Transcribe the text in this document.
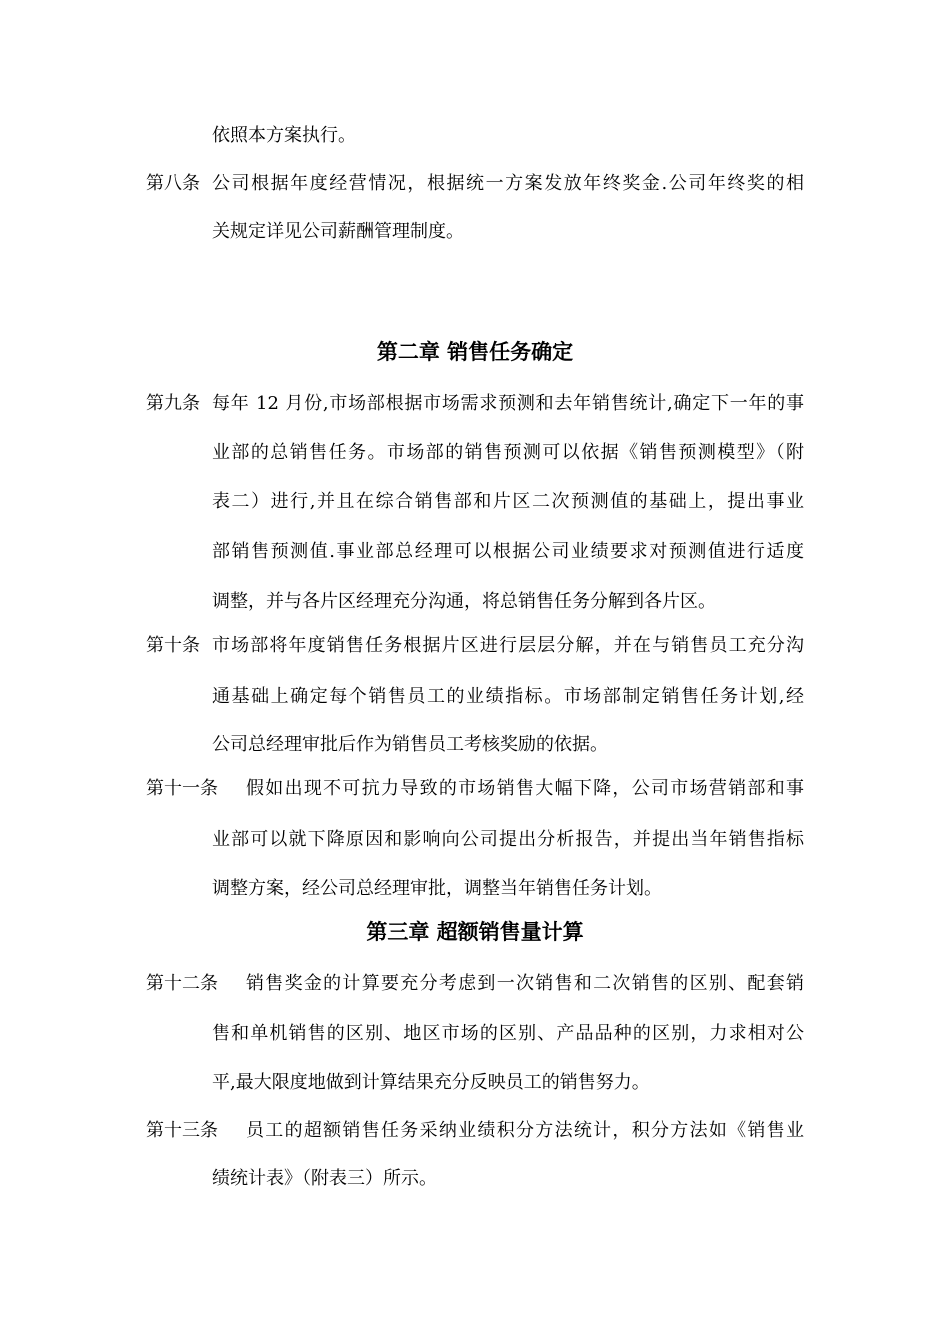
依照本方案执行。
第八条 公司根据年度经营情况，根据统一方案发放年终奖金.公司年终奖的相
关规定详见公司薪酬管理制度。
第二章 销售任务确定
第九条 每年 12 月份,市场部根据市场需求预测和去年销售统计,确定下一年的事
业部的总销售任务。市场部的销售预测可以依据《销售预测模型》（附
表二）进行,并且在综合销售部和片区二次预测值的基础上，提出事业
部销售预测值.事业部总经理可以根据公司业绩要求对预测值进行适度
调整，并与各片区经理充分沟通，将总销售任务分解到各片区。
第十条 市场部将年度销售任务根据片区进行层层分解，并在与销售员工充分沟
通基础上确定每个销售员工的业绩指标。市场部制定销售任务计划,经
公司总经理审批后作为销售员工考核奖励的依据。
第十一条 假如出现不可抗力导致的市场销售大幅下降，公司市场营销部和事
业部可以就下降原因和影响向公司提出分析报告，并提出当年销售指标
调整方案，经公司总经理审批，调整当年销售任务计划。
第三章 超额销售量计算
第十二条 销售奖金的计算要充分考虑到一次销售和二次销售的区别、配套销
售和单机销售的区别、地区市场的区别、产品品种的区别，力求相对公
平,最大限度地做到计算结果充分反映员工的销售努力。
第十三条 员工的超额销售任务采纳业绩积分方法统计，积分方法如《销售业
绩统计表》（附表三）所示。
